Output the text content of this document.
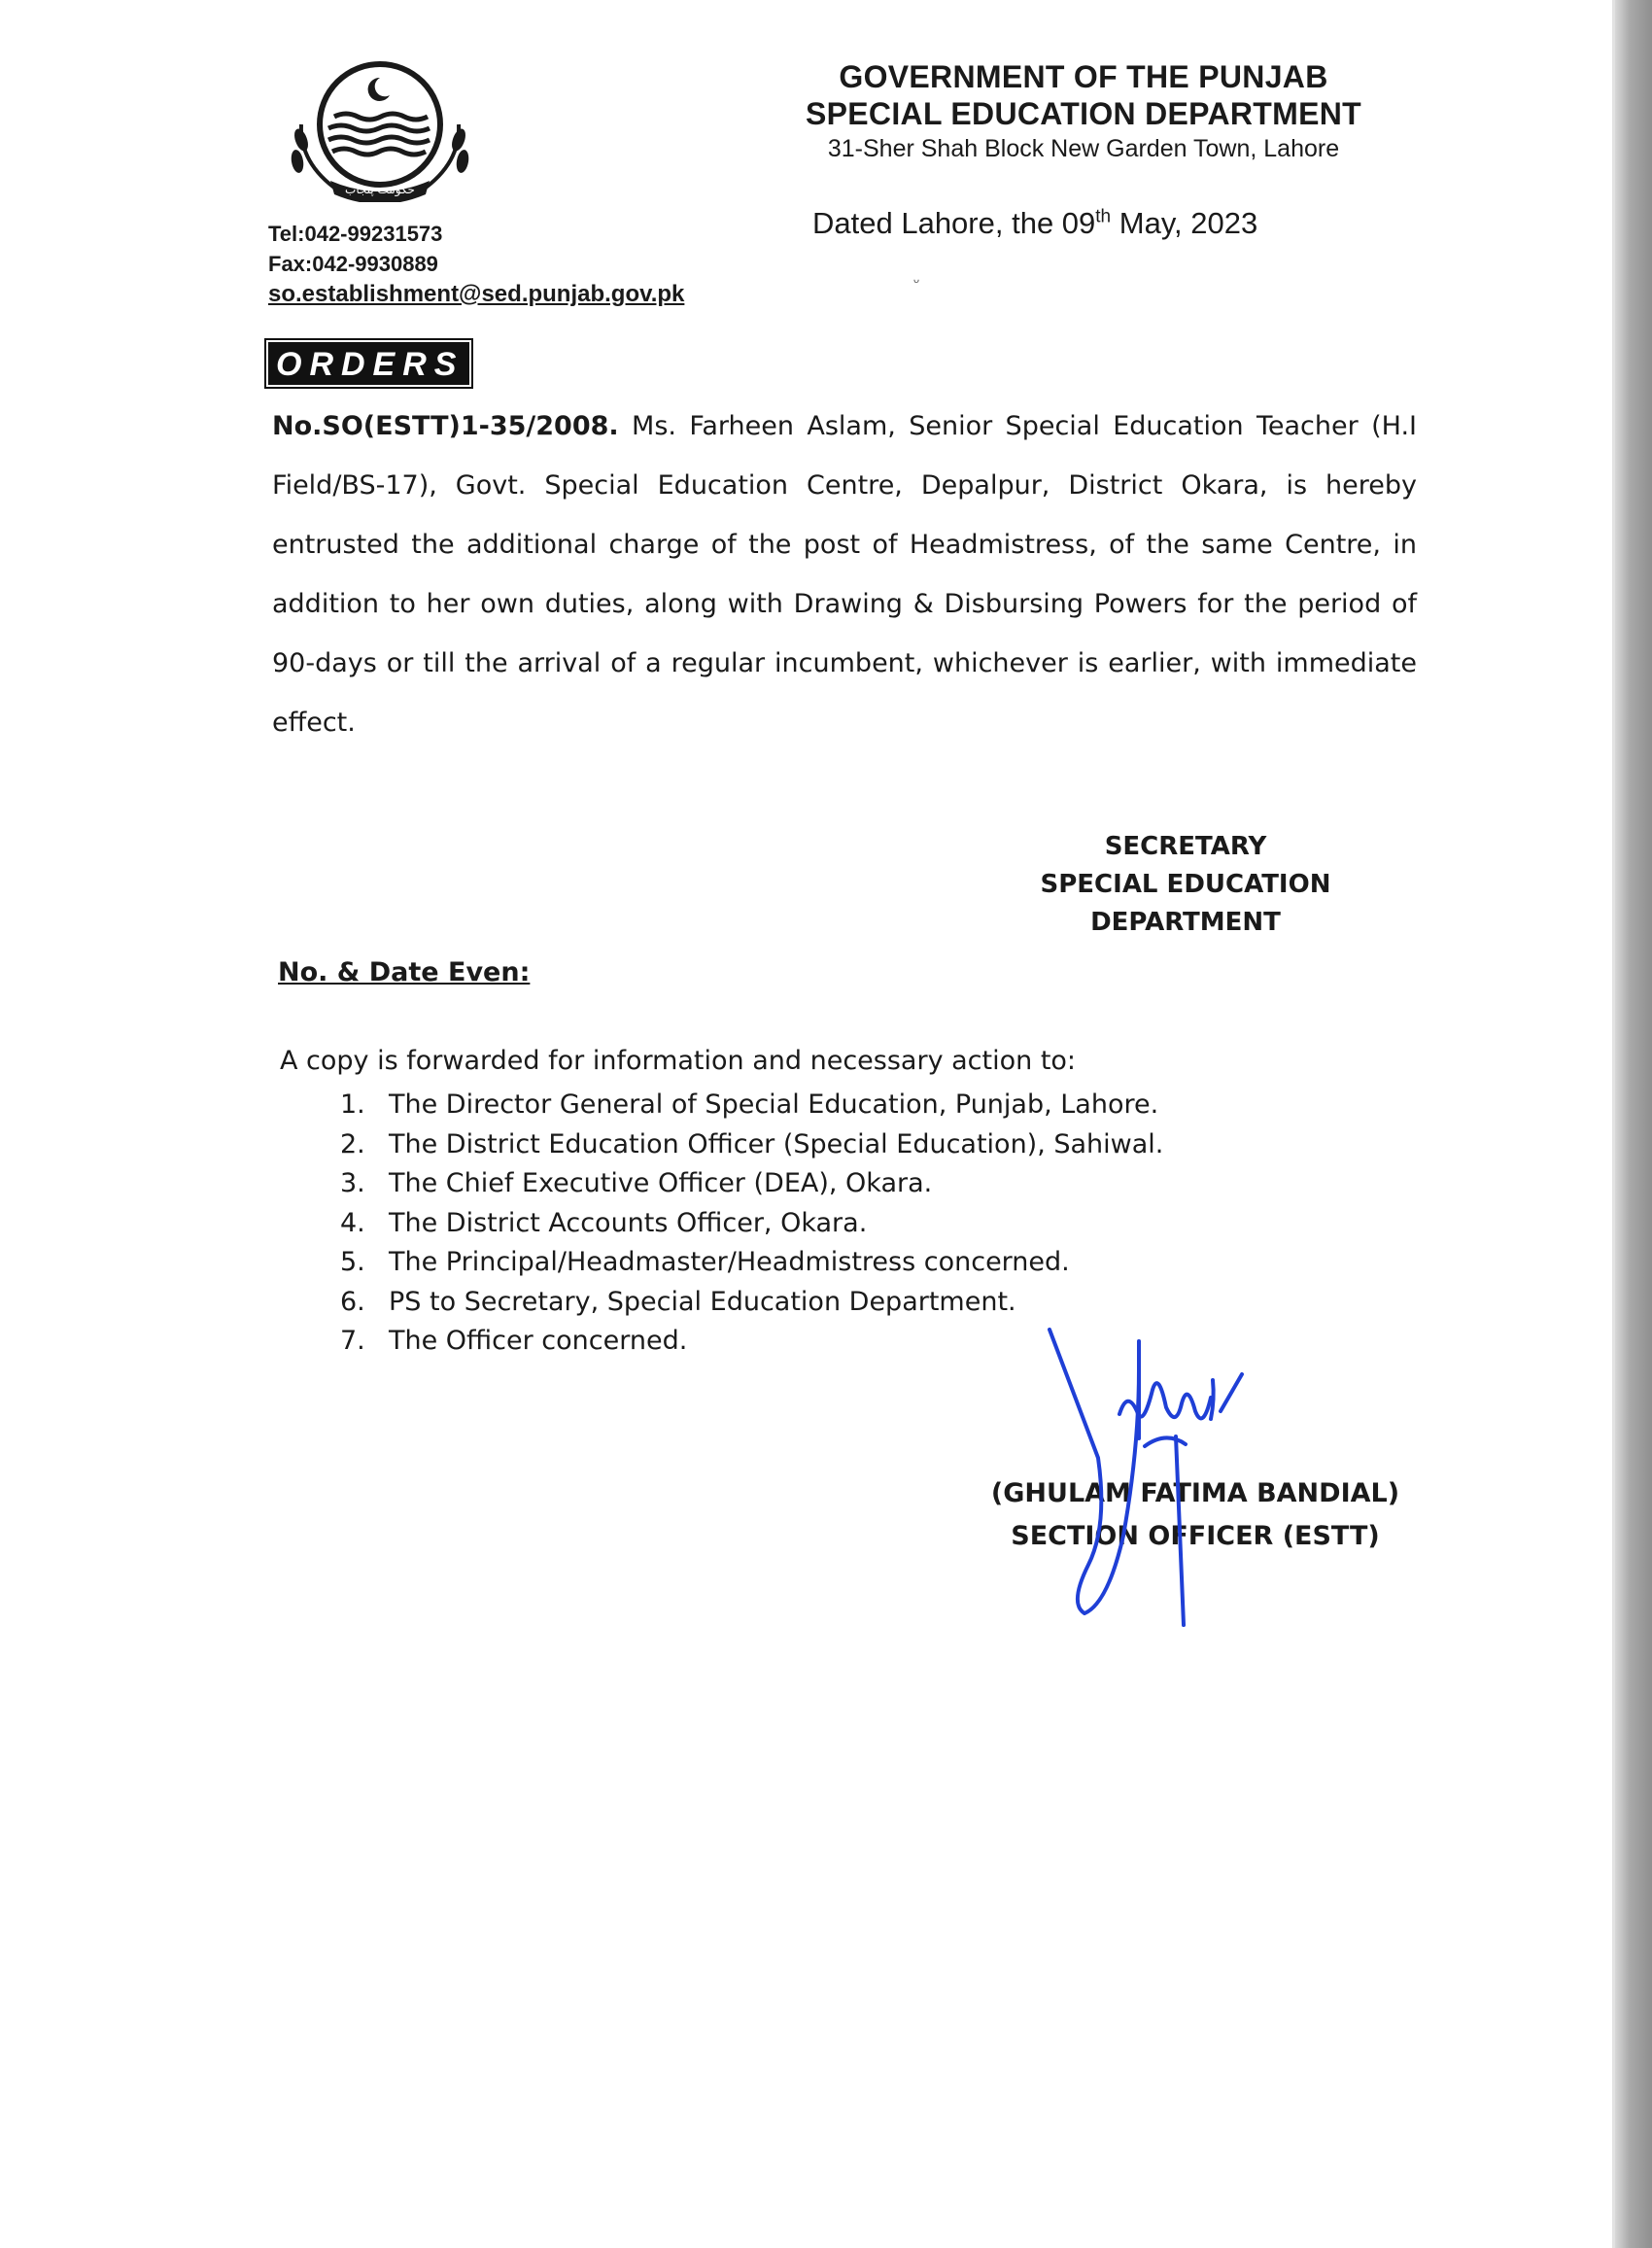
حکومت پنجاب
Tel:042-99231573
Fax:042-9930889
so.establishment@sed.punjab.gov.pk
GOVERNMENT OF THE PUNJAB
SPECIAL EDUCATION DEPARTMENT
31-Sher Shah Block New Garden Town, Lahore
Dated Lahore, the 09th May, 2023
ᵕ
ORDERS

No.SO(ESTT)1-35/2008. Ms. Farheen Aslam, Senior Special Education Teacher (H.I Field/BS-17), Govt. Special Education Centre, Depalpur, District Okara, is hereby entrusted the additional charge of the post of Headmistress, of the same Centre, in addition to her own duties, along with Drawing & Disbursing Powers for the period of 90-days or till the arrival of a regular incumbent, whichever is earlier, with immediate effect.

SECRETARY
SPECIAL EDUCATION
DEPARTMENT
No. & Date Even:
A copy is forwarded for information and necessary action to:
1. The Director General of Special Education, Punjab, Lahore.
2. The District Education Officer (Special Education), Sahiwal.
3. The Chief Executive Officer (DEA), Okara.
4. The District Accounts Officer, Okara.
5. The Principal/Headmaster/Headmistress concerned.
6. PS to Secretary, Special Education Department.
7. The Officer concerned.
(GHULAM FATIMA BANDIAL)
SECTION OFFICER (ESTT)
